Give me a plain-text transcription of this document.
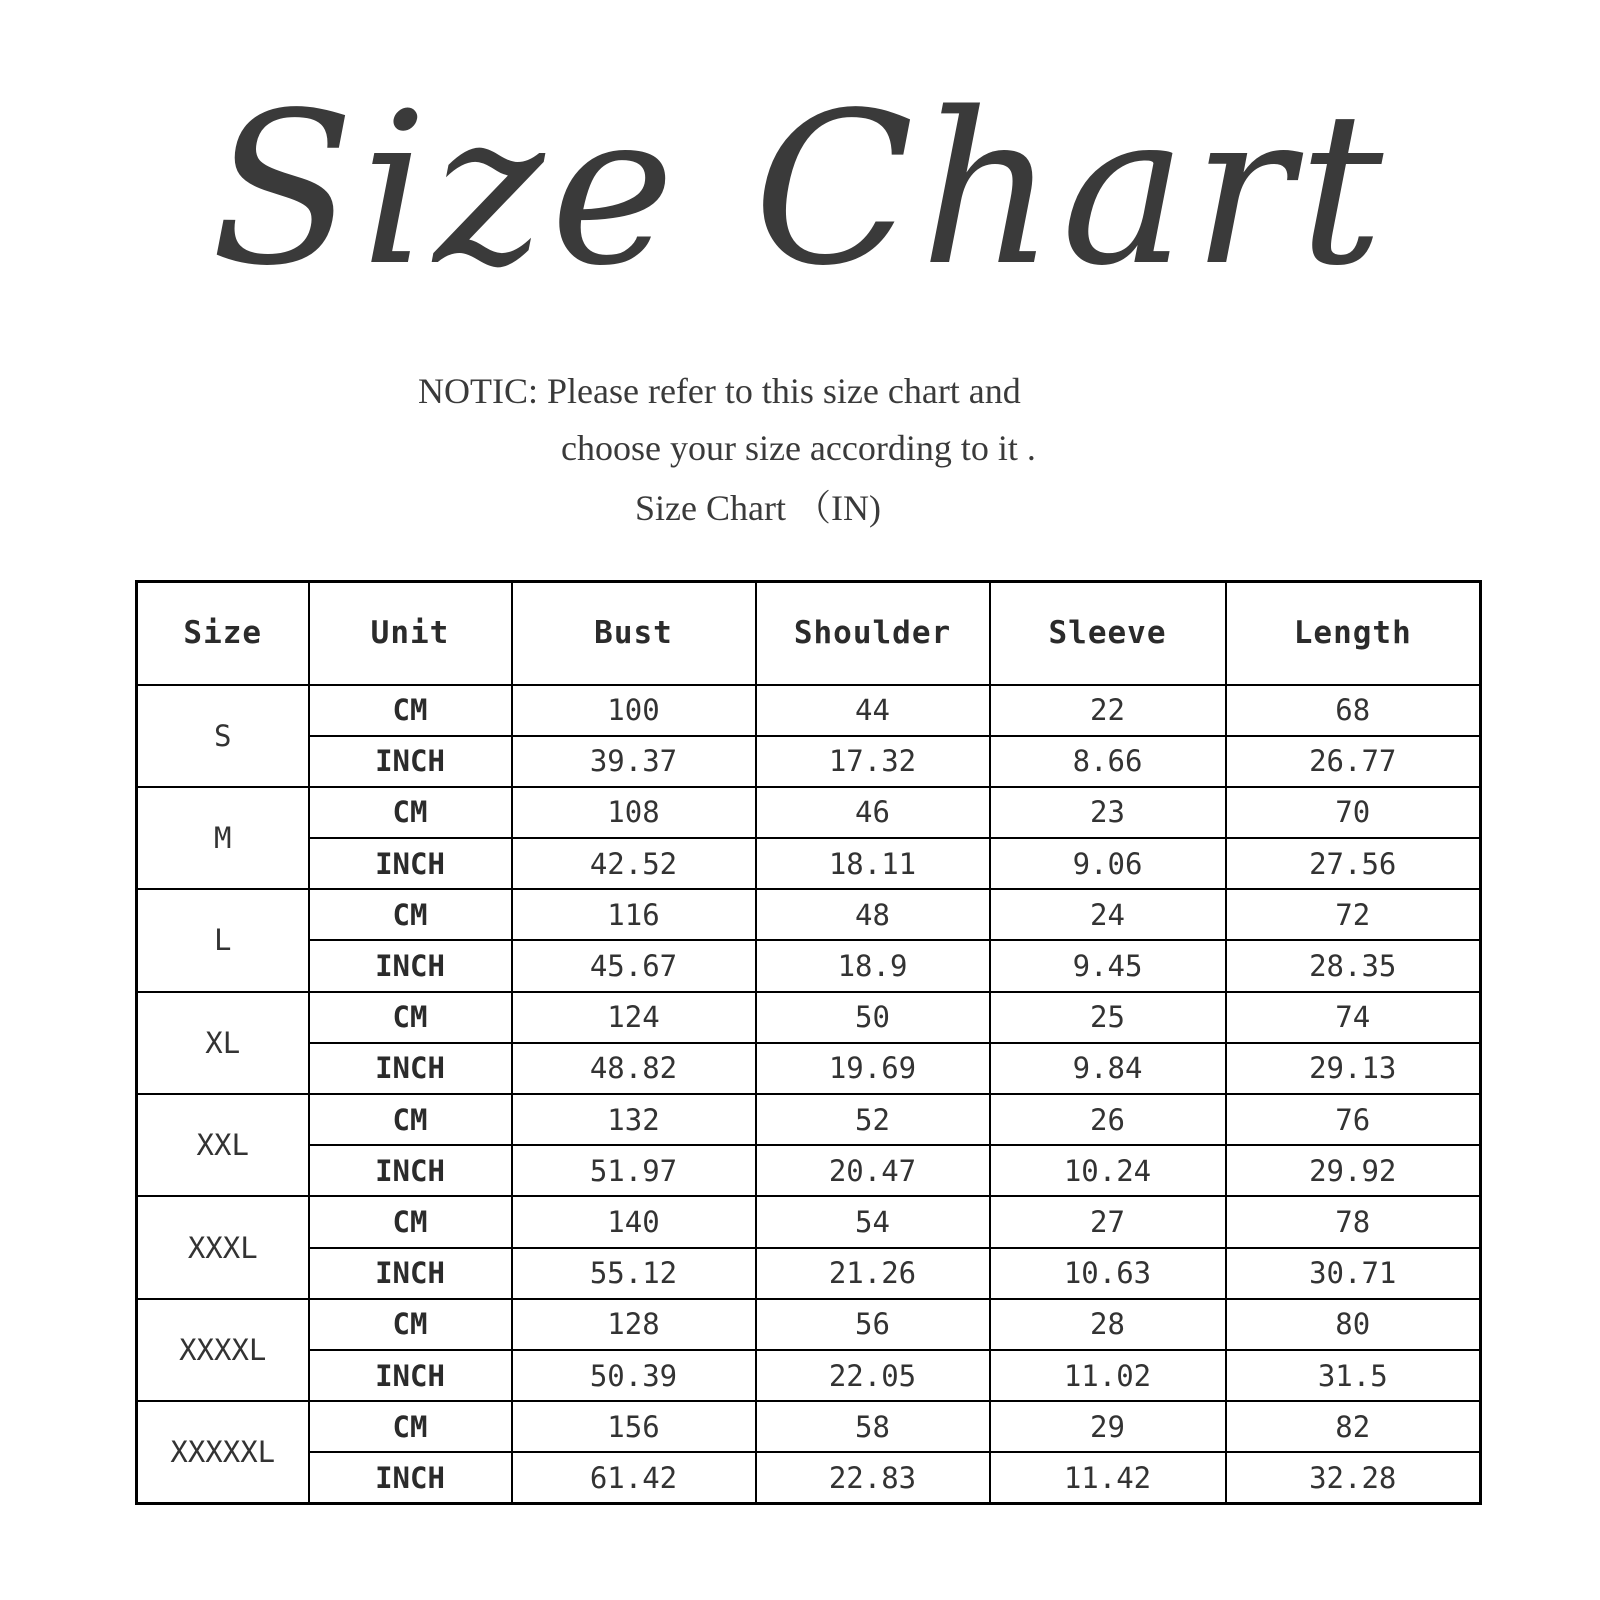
Size Chart
NOTIC: Please refer to this size chart and
choose your size according to it .
Size Chart （IN)
Size	Unit	Bust	Shoulder	Sleeve	Length
S	CM	100	44	22	68
	INCH	39.37	17.32	8.66	26.77
M	CM	108	46	23	70
	INCH	42.52	18.11	9.06	27.56
L	CM	116	48	24	72
	INCH	45.67	18.9	9.45	28.35
XL	CM	124	50	25	74
	INCH	48.82	19.69	9.84	29.13
XXL	CM	132	52	26	76
	INCH	51.97	20.47	10.24	29.92
XXXL	CM	140	54	27	78
	INCH	55.12	21.26	10.63	30.71
XXXXL	CM	128	56	28	80
	INCH	50.39	22.05	11.02	31.5
XXXXXL	CM	156	58	29	82
	INCH	61.42	22.83	11.42	32.28
